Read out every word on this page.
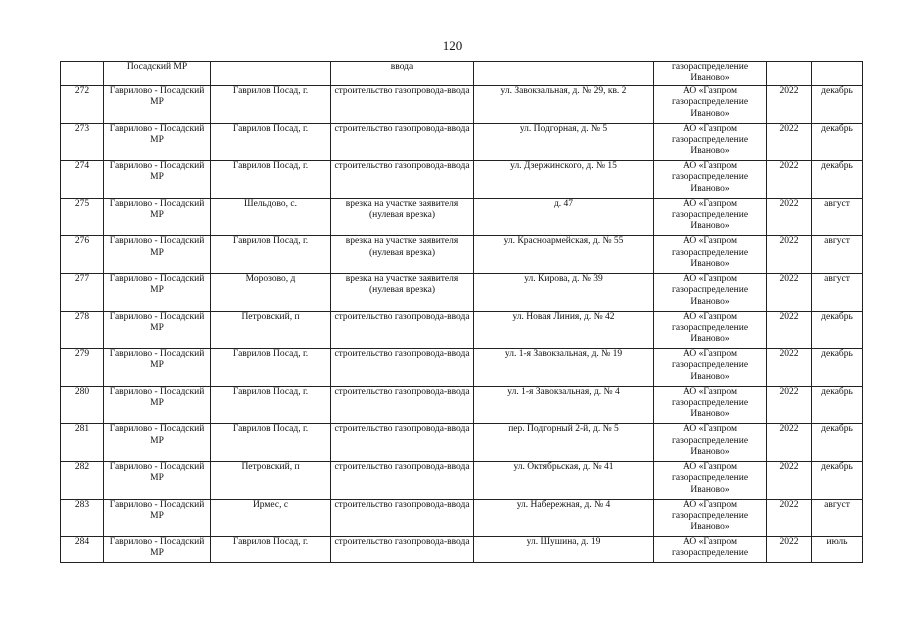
120
	Посадский МР		ввода		газораспределение Иваново»		
272	Гаврилово - Посадский МР	Гаврилов Посад, г.	строительство газопровода-ввода	ул. Завокзальная, д. № 29, кв. 2	АО «Газпром газораспределение Иваново»	2022	декабрь
273	Гаврилово - Посадский МР	Гаврилов Посад, г.	строительство газопровода-ввода	ул. Подгорная, д. № 5	АО «Газпром газораспределение Иваново»	2022	декабрь
274	Гаврилово - Посадский МР	Гаврилов Посад, г.	строительство газопровода-ввода	ул. Дзержинского, д. № 15	АО «Газпром газораспределение Иваново»	2022	декабрь
275	Гаврилово - Посадский МР	Шельдово, с.	врезка на участке заявителя (нулевая врезка)	д. 47	АО «Газпром газораспределение Иваново»	2022	август
276	Гаврилово - Посадский МР	Гаврилов Посад, г.	врезка на участке заявителя (нулевая врезка)	ул. Красноармейская, д. № 55	АО «Газпром газораспределение Иваново»	2022	август
277	Гаврилово - Посадский МР	Морозово, д	врезка на участке заявителя (нулевая врезка)	ул. Кирова, д. № 39	АО «Газпром газораспределение Иваново»	2022	август
278	Гаврилово - Посадский МР	Петровский, п	строительство газопровода-ввода	ул. Новая Линия, д. № 42	АО «Газпром газораспределение Иваново»	2022	декабрь
279	Гаврилово - Посадский МР	Гаврилов Посад, г.	строительство газопровода-ввода	ул. 1-я Завокзальная, д. № 19	АО «Газпром газораспределение Иваново»	2022	декабрь
280	Гаврилово - Посадский МР	Гаврилов Посад, г.	строительство газопровода-ввода	ул. 1-я Завокзальная, д. № 4	АО «Газпром газораспределение Иваново»	2022	декабрь
281	Гаврилово - Посадский МР	Гаврилов Посад, г.	строительство газопровода-ввода	пер. Подгорный 2-й, д. № 5	АО «Газпром газораспределение Иваново»	2022	декабрь
282	Гаврилово - Посадский МР	Петровский, п	строительство газопровода-ввода	ул. Октябрьская, д. № 41	АО «Газпром газораспределение Иваново»	2022	декабрь
283	Гаврилово - Посадский МР	Ирмес, с	строительство газопровода-ввода	ул. Набережная, д. № 4	АО «Газпром газораспределение Иваново»	2022	август
284	Гаврилово - Посадский МР	Гаврилов Посад, г.	строительство газопровода-ввода	ул. Шушина, д. 19	АО «Газпром газораспределение	2022	июль
